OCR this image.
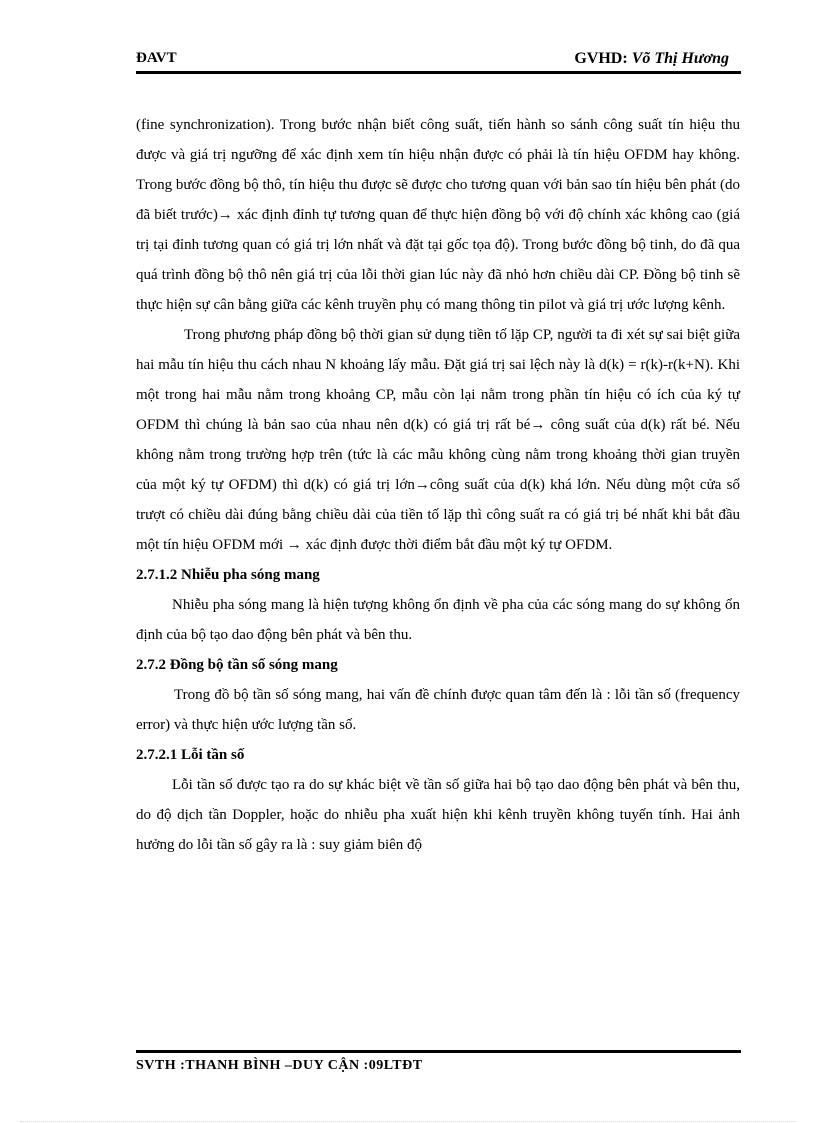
ĐAVT	GVHD: Võ Thị Hương

(fine synchronization). Trong bước nhận biết công suất, tiến hành so sánh công suất tín hiệu thu được và giá trị ngưỡng để xác định xem tín hiệu nhận được có phải là tín hiệu OFDM hay không. Trong bước đồng bộ thô, tín hiệu thu được sẽ được cho tương quan với bản sao tín hiệu bên phát (do đã biết trước)→ xác định đỉnh tự tương quan để thực hiện đồng bộ với độ chính xác không cao (giá trị tại đỉnh tương quan có giá trị lớn nhất và đặt tại gốc tọa độ). Trong bước đồng bộ tinh, do đã qua quá trình đồng bộ thô nên giá trị của lỗi thời gian lúc này đã nhỏ hơn chiều dài CP. Đồng bộ tinh sẽ thực hiện sự cân bằng giữa các kênh truyền phụ có mang thông tin pilot và giá trị ước lượng kênh.

Trong phương pháp đồng bộ thời gian sử dụng tiền tố lặp CP, người ta đi xét sự sai biệt giữa hai mẫu tín hiệu thu cách nhau N khoảng lấy mẫu. Đặt giá trị sai lệch này là d(k) = r(k)-r(k+N). Khi một trong hai mẫu nằm trong khoảng CP, mẫu còn lại nằm trong phần tín hiệu có ích của ký tự OFDM thì chúng là bản sao của nhau nên d(k) có giá trị rất bé→ công suất của d(k) rất bé. Nếu không nằm trong trường hợp trên (tức là các mẫu không cùng nằm trong khoảng thời gian truyền của một ký tự OFDM) thì d(k) có giá trị lớn→công suất của d(k) khá lớn. Nếu dùng một cửa sổ trượt có chiều dài đúng bằng chiều dài của tiền tố lặp thì công suất ra có giá trị bé nhất khi bắt đầu một tín hiệu OFDM mới → xác định được thời điểm bắt đầu một ký tự OFDM.

2.7.1.2 Nhiễu pha sóng mang

Nhiễu pha sóng mang là hiện tượng không ổn định về pha của các sóng mang do sự không ổn định của bộ tạo dao động bên phát và bên thu.

2.7.2 Đồng bộ tần số sóng mang

Trong đồ bộ tần số sóng mang, hai vấn đề chính được quan tâm đến là : lỗi tần số (frequency error) và thực hiện ước lượng tần số.

2.7.2.1 Lỗi tần số

Lỗi tần số được tạo ra do sự khác biệt về tần số giữa hai bộ tạo dao động bên phát và bên thu, do độ dịch tần Doppler, hoặc do nhiễu pha xuất hiện khi kênh truyền không tuyến tính. Hai ảnh hưởng do lỗi tần số gây ra là : suy giảm biên độ

SVTH :THANH BÌNH –DUY CẬN :09LTĐT
